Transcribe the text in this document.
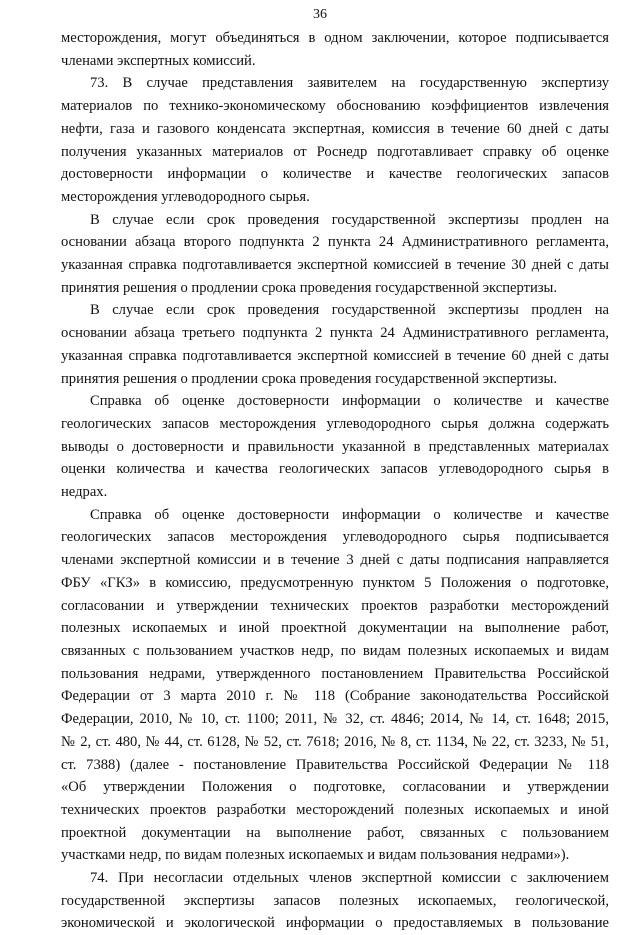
36

месторождения, могут объединяться в одном заключении, которое подписывается
членами экспертных комиссий.

73. В случае представления заявителем на государственную экспертизу
материалов по технико-экономическому обоснованию коэффициентов извлечения
нефти, газа и газового конденсата экспертная, комиссия в течение 60 дней с даты
получения указанных материалов от Роснедр подготавливает справку об оценке
достоверности информации о количестве и качестве геологических запасов
месторождения углеводородного сырья.

В случае если срок проведения государственной экспертизы продлен на
основании абзаца второго подпункта 2 пункта 24 Административного регламента,
указанная справка подготавливается экспертной комиссией в течение 30 дней с даты
принятия решения о продлении срока проведения государственной экспертизы.

В случае если срок проведения государственной экспертизы продлен на
основании абзаца третьего подпункта 2 пункта 24 Административного регламента,
указанная справка подготавливается экспертной комиссией в течение 60 дней с даты
принятия решения о продлении срока проведения государственной экспертизы.

Справка об оценке достоверности информации о количестве и качестве
геологических запасов месторождения углеводородного сырья должна содержать
выводы о достоверности и правильности указанной в представленных материалах
оценки количества и качества геологических запасов углеводородного сырья в
недрах.

Справка об оценке достоверности информации о количестве и качестве
геологических запасов месторождения углеводородного сырья подписывается
членами экспертной комиссии и в течение 3 дней с даты подписания направляется
ФБУ «ГКЗ» в комиссию, предусмотренную пунктом 5 Положения о подготовке,
согласовании и утверждении технических проектов разработки месторождений
полезных ископаемых и иной проектной документации на выполнение работ,
связанных с пользованием участков недр, по видам полезных ископаемых и видам
пользования недрами, утвержденного постановлением Правительства Российской
Федерации от 3 марта 2010 г. № 118 (Собрание законодательства Российской
Федерации, 2010, № 10, ст. 1100; 2011, № 32, ст. 4846; 2014, № 14, ст. 1648; 2015,
№ 2, ст. 480, № 44, ст. 6128, № 52, ст. 7618; 2016, № 8, ст. 1134, № 22, ст. 3233, № 51,
ст. 7388) (далее - постановление Правительства Российской Федерации № 118
«Об утверждении Положения о подготовке, согласовании и утверждении
технических проектов разработки месторождений полезных ископаемых и иной
проектной документации на выполнение работ, связанных с пользованием
участками недр, по видам полезных ископаемых и видам пользования недрами»).

74. При несогласии отдельных членов экспертной комиссии с заключением
государственной экспертизы запасов полезных ископаемых, геологической,
экономической и экологической информации о предоставляемых в пользование
